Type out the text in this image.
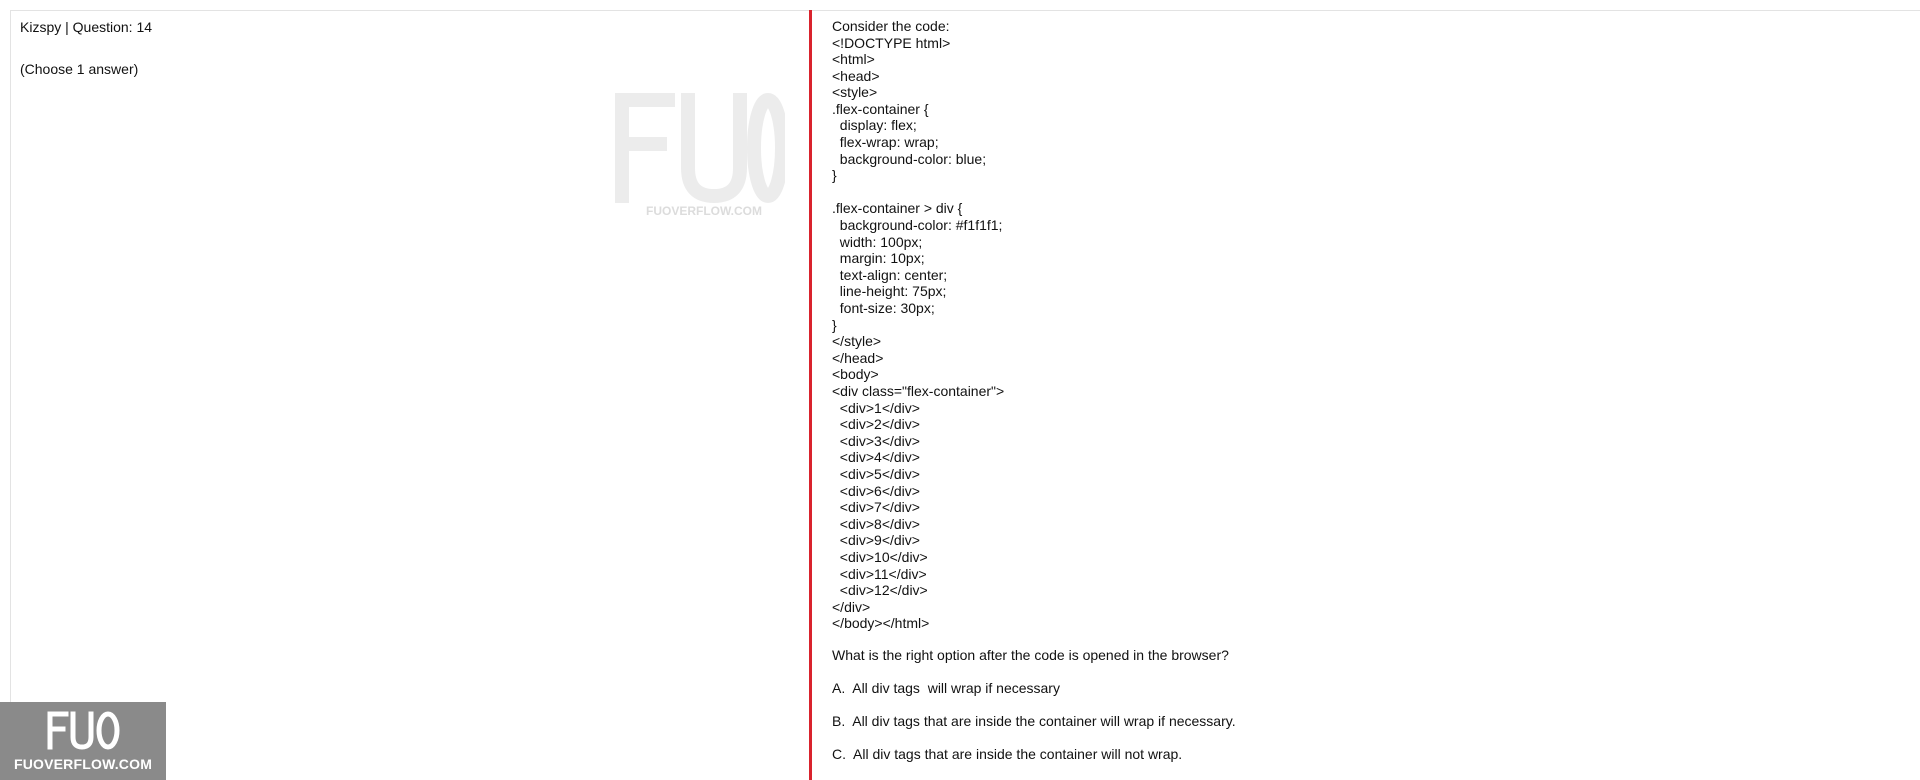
Kizspy | Question: 14
(Choose 1 answer)
FUOVERFLOW.COM
Consider the code:
<!DOCTYPE html>
<html>
<head>
<style>
.flex-container {
display: flex;
flex-wrap: wrap;
background-color: blue;
}
.flex-container > div {
background-color: #f1f1f1;
width: 100px;
margin: 10px;
text-align: center;
line-height: 75px;
font-size: 30px;
}
</style>
</head>
<body>
<div class="flex-container">
<div>1</div>
<div>2</div>
<div>3</div>
<div>4</div>
<div>5</div>
<div>6</div>
<div>7</div>
<div>8</div>
<div>9</div>
<div>10</div>
<div>11</div>
<div>12</div>
</div>
</body></html>
What is the right option after the code is opened in the browser?
A.  All div tags  will wrap if necessary
B.  All div tags that are inside the container will wrap if necessary.
C.  All div tags that are inside the container will not wrap.
FUOVERFLOW.COM
